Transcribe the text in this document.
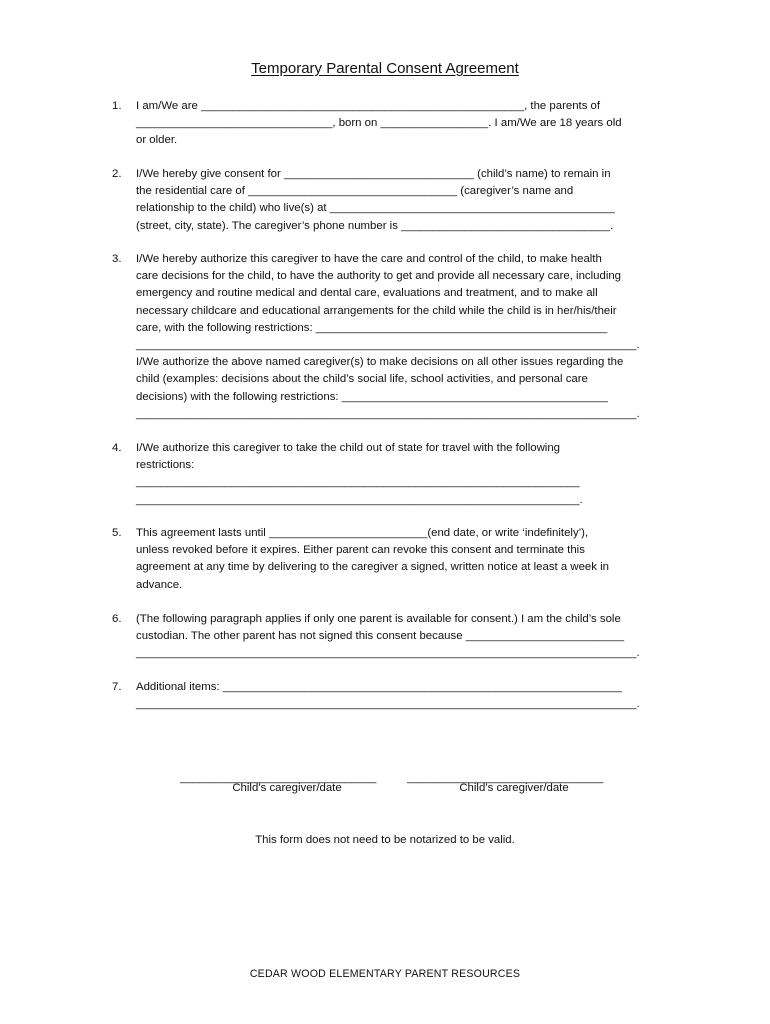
Temporary Parental Consent Agreement
1.	I am/We are ___________________________________________________, the parents of
_______________________________, born on _________________. I am/We are 18 years old
or older.
2.	I/We hereby give consent for ______________________________ (child’s name) to remain in
the residential care of _________________________________ (caregiver’s name and
relationship to the child) who live(s) at _____________________________________________
(street, city, state). The caregiver’s phone number is _________________________________.
3.	I/We hereby authorize this caregiver to have the care and control of the child, to make health
care decisions for the child, to have the authority to get and provide all necessary care, including
emergency and routine medical and dental care, evaluations and treatment, and to make all
necessary childcare and educational arrangements for the child while the child is in her/his/their
care, with the following restrictions: ______________________________________________
_______________________________________________________________________________.
I/We authorize the above named caregiver(s) to make decisions on all other issues regarding the
child (examples: decisions about the child’s social life, school activities, and personal care
decisions) with the following restrictions: __________________________________________
_______________________________________________________________________________.
4.	I/We authorize this caregiver to take the child out of state for travel with the following
restrictions:
______________________________________________________________________
______________________________________________________________________.
5.	This agreement lasts until _________________________(end date, or write ‘indefinitely’),
unless revoked before it expires. Either parent can revoke this consent and terminate this
agreement at any time by delivering to the caregiver a signed, written notice at least a week in
advance.
6.	(The following paragraph applies if only one parent is available for consent.) I am the child’s sole
custodian. The other parent has not signed this consent because _________________________
_______________________________________________________________________________.
7.	Additional items: _______________________________________________________________
_______________________________________________________________________________.
_______________________________	_______________________________
Child’s caregiver/date	Child’s caregiver/date
This form does not need to be notarized to be valid.
CEDAR WOOD ELEMENTARY PARENT RESOURCES
